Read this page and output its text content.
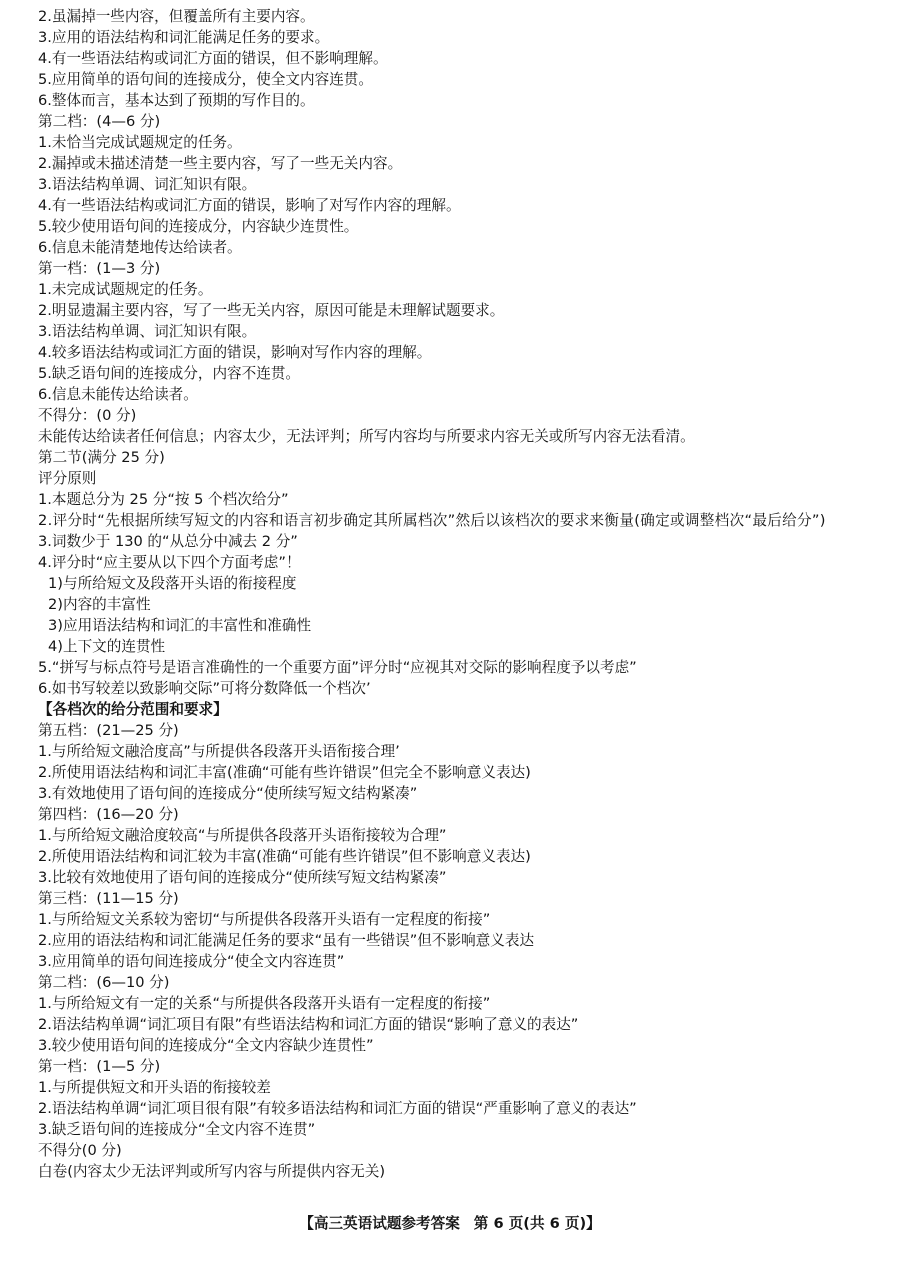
2.虽漏掉一些内容，但覆盖所有主要内容。
3.应用的语法结构和词汇能满足任务的要求。
4.有一些语法结构或词汇方面的错误，但不影响理解。
5.应用简单的语句间的连接成分，使全文内容连贯。
6.整体而言，基本达到了预期的写作目的。
第二档：(4—6 分)
1.未恰当完成试题规定的任务。
2.漏掉或未描述清楚一些主要内容，写了一些无关内容。
3.语法结构单调、词汇知识有限。
4.有一些语法结构或词汇方面的错误，影响了对写作内容的理解。
5.较少使用语句间的连接成分，内容缺少连贯性。
6.信息未能清楚地传达给读者。
第一档：(1—3 分)
1.未完成试题规定的任务。
2.明显遗漏主要内容，写了一些无关内容，原因可能是未理解试题要求。
3.语法结构单调、词汇知识有限。
4.较多语法结构或词汇方面的错误，影响对写作内容的理解。
5.缺乏语句间的连接成分，内容不连贯。
6.信息未能传达给读者。
不得分：(0 分)
未能传达给读者任何信息；内容太少，无法评判；所写内容均与所要求内容无关或所写内容无法看清。
第二节(满分 25 分)
评分原则
1.本题总分为 25 分“按 5 个档次给分”
2.评分时“先根据所续写短文的内容和语言初步确定其所属档次”然后以该档次的要求来衡量(确定或调整档次“最后给分”)
3.词数少于 130 的“从总分中减去 2 分”
4.评分时“应主要从以下四个方面考虑”！
1)与所给短文及段落开头语的衔接程度
2)内容的丰富性
3)应用语法结构和词汇的丰富性和准确性
4)上下文的连贯性
5.“拼写与标点符号是语言准确性的一个重要方面”评分时“应视其对交际的影响程度予以考虑”
6.如书写较差以致影响交际”可将分数降低一个档次’
【各档次的给分范围和要求】
第五档：(21—25 分)
1.与所给短文融洽度高”与所提供各段落开头语衔接合理’
2.所使用语法结构和词汇丰富(准确“可能有些许错误”但完全不影响意义表达)
3.有效地使用了语句间的连接成分“使所续写短文结构紧凑”
第四档：(16—20 分)
1.与所给短文融洽度较高“与所提供各段落开头语衔接较为合理”
2.所使用语法结构和词汇较为丰富(准确“可能有些许错误”但不影响意义表达)
3.比较有效地使用了语句间的连接成分“使所续写短文结构紧凑”
第三档：(11—15 分)
1.与所给短文关系较为密切“与所提供各段落开头语有一定程度的衔接”
2.应用的语法结构和词汇能满足任务的要求“虽有一些错误”但不影响意义表达
3.应用简单的语句间连接成分“使全文内容连贯”
第二档：(6—10 分)
1.与所给短文有一定的关系“与所提供各段落开头语有一定程度的衔接”
2.语法结构单调“词汇项目有限”有些语法结构和词汇方面的错误“影响了意义的表达”
3.较少使用语句间的连接成分“全文内容缺少连贯性”
第一档：(1—5 分)
1.与所提供短文和开头语的衔接较差
2.语法结构单调“词汇项目很有限”有较多语法结构和词汇方面的错误“严重影响了意义的表达”
3.缺乏语句间的连接成分“全文内容不连贯”
不得分(0 分)
白卷(内容太少无法评判或所写内容与所提供内容无关)
【高三英语试题参考答案 第 6 页(共 6 页)】
